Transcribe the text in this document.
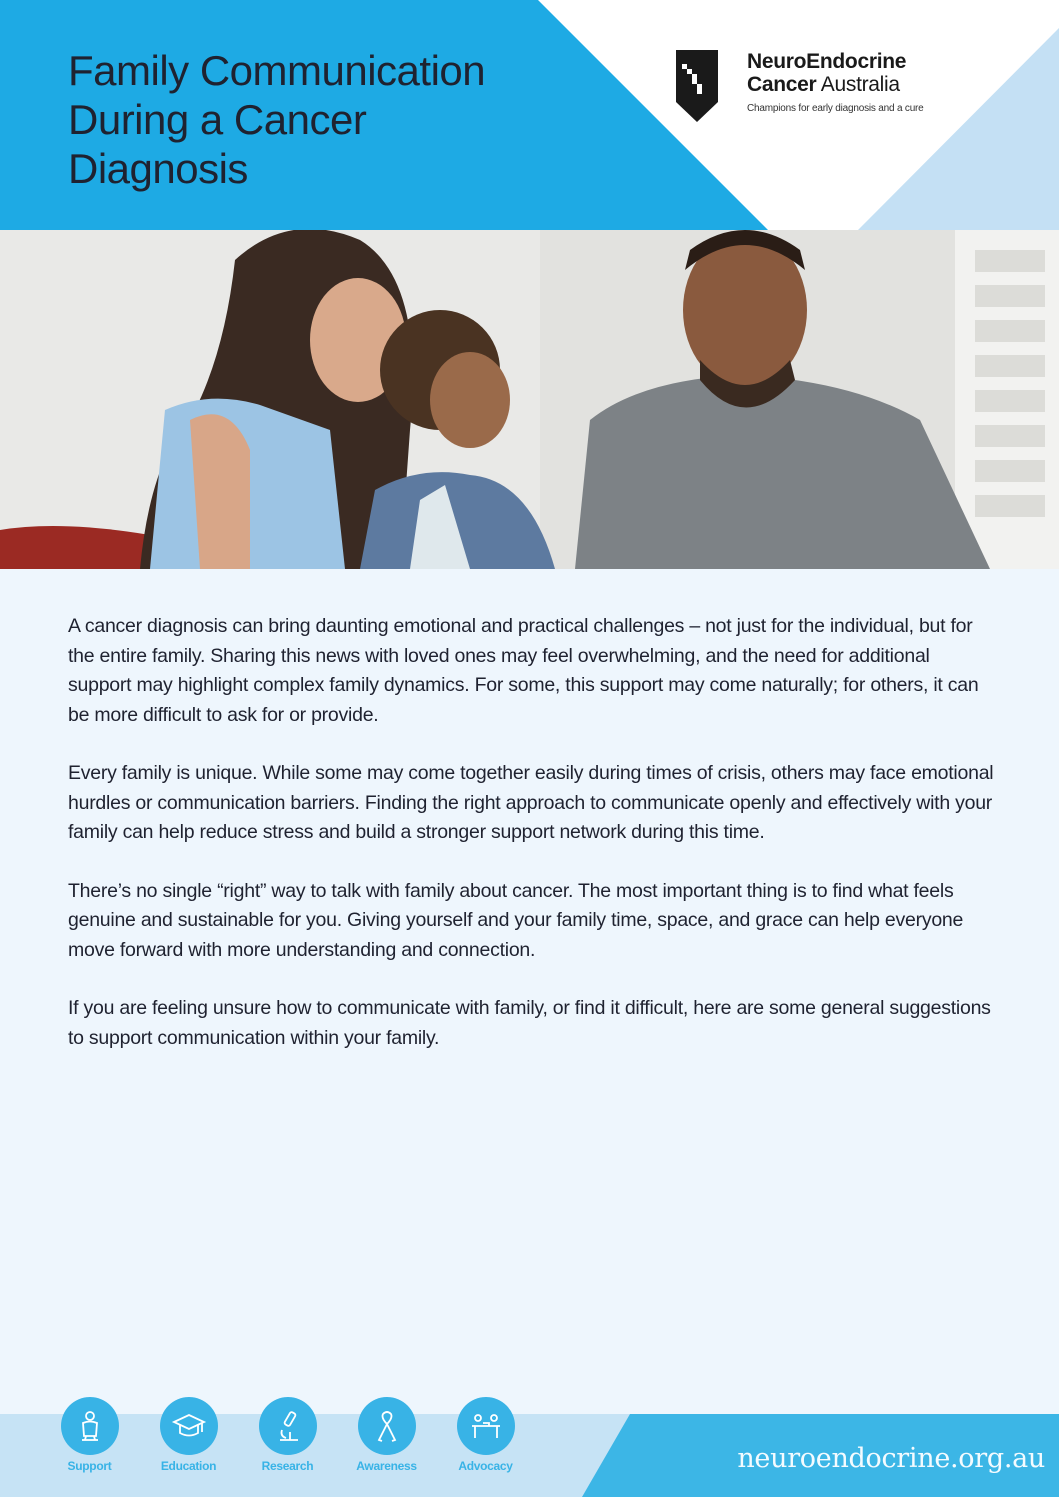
Family Communication
During a Cancer
Diagnosis
NeuroEndocrine
Cancer Australia
Champions for early diagnosis and a cure

A cancer diagnosis can bring daunting emotional and practical challenges – not just for the individual, but for the entire family. Sharing this news with loved ones may feel overwhelming, and the need for additional support may highlight complex family dynamics. For some, this support may come naturally; for others, it can be more difficult to ask for or provide.

Every family is unique. While some may come together easily during times of crisis, others may face emotional hurdles or communication barriers. Finding the right approach to communicate openly and effectively with your family can help reduce stress and build a stronger support network during this time.

There’s no single “right” way to talk with family about cancer. The most important thing is to find what feels genuine and sustainable for you. Giving yourself and your family time, space, and grace can help everyone move forward with more understanding and connection.

If you are feeling unsure how to communicate with family, or find it difficult, here are some general suggestions to support communication within your family.

Support	Education	Research	Awareness	Advocacy	neuroendocrine.org.au
